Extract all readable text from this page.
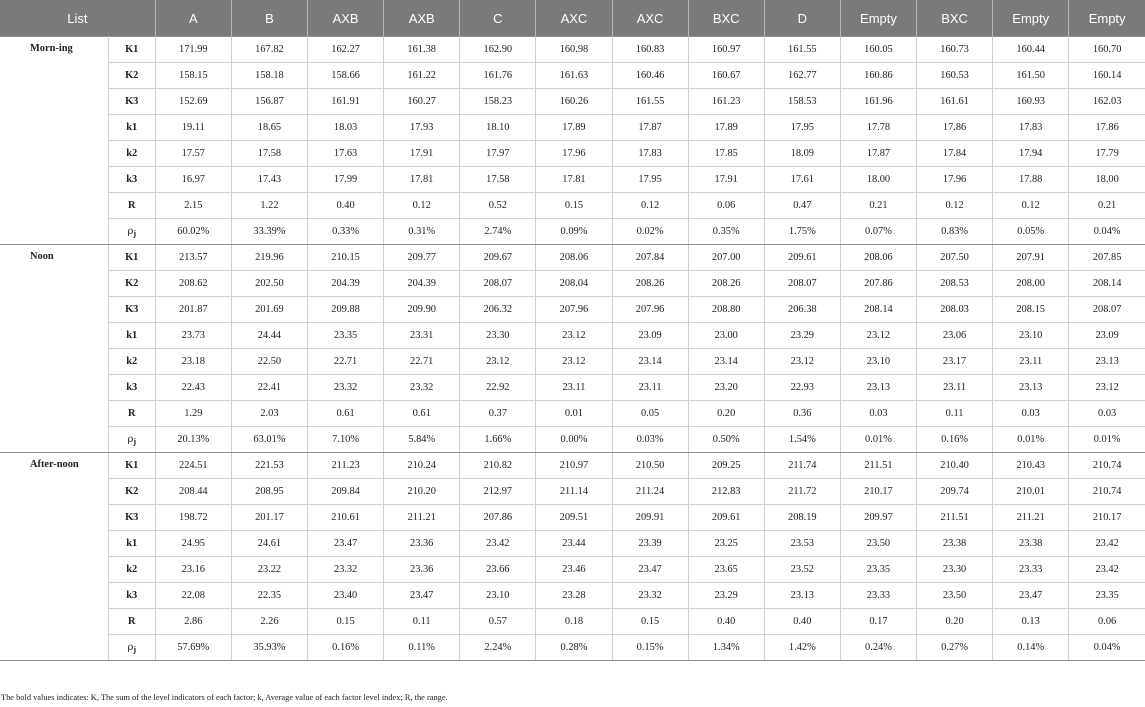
List		A	B	AXB	AXB	C	AXC	AXC	BXC	D	Empty	BXC	Empty	Empty
Morn-ing	K1	171.99	167.82	162.27	161.38	162.90	160.98	160.83	160.97	161.55	160.05	160.73	160.44	160.70
	K2	158.15	158.18	158.66	161.22	161.76	161.63	160.46	160.67	162.77	160.86	160.53	161.50	160.14
	K3	152.69	156.87	161.91	160.27	158.23	160.26	161.55	161.23	158.53	161.96	161.61	160.93	162.03
	k1	19.11	18.65	18.03	17.93	18.10	17.89	17.87	17.89	17.95	17.78	17.86	17.83	17.86
	k2	17.57	17.58	17.63	17.91	17.97	17.96	17.83	17.85	18.09	17.87	17.84	17.94	17.79
	k3	16.97	17.43	17.99	17.81	17.58	17.81	17.95	17.91	17.61	18.00	17.96	17.88	18.00
	R	2.15	1.22	0.40	0.12	0.52	0.15	0.12	0.06	0.47	0.21	0.12	0.12	0.21
	$\rho_j$	60.02%	33.39%	0.33%	0.31%	2.74%	0.09%	0.02%	0.35%	1.75%	0.07%	0.83%	0.05%	0.04%
Noon	K1	213.57	219.96	210.15	209.77	209.67	208.06	207.84	207.00	209.61	208.06	207.50	207.91	207.85
	K2	208.62	202.50	204.39	204.39	208.07	208.04	208.26	208.26	208.07	207.86	208.53	208.00	208.14
	K3	201.87	201.69	209.88	209.90	206.32	207.96	207.96	208.80	206.38	208.14	208.03	208.15	208.07
	k1	23.73	24.44	23.35	23.31	23.30	23.12	23.09	23.00	23.29	23.12	23.06	23.10	23.09
	k2	23.18	22.50	22.71	22.71	23.12	23.12	23.14	23.14	23.12	23.10	23.17	23.11	23.13
	k3	22.43	22.41	23.32	23.32	22.92	23.11	23.11	23.20	22.93	23.13	23.11	23.13	23.12
	R	1.29	2.03	0.61	0.61	0.37	0.01	0.05	0.20	0.36	0.03	0.11	0.03	0.03
	$\rho_j$	20.13%	63.01%	7.10%	5.84%	1.66%	0.00%	0.03%	0.50%	1.54%	0.01%	0.16%	0.01%	0.01%
After-noon	K1	224.51	221.53	211.23	210.24	210.82	210.97	210.50	209.25	211.74	211.51	210.40	210.43	210.74
	K2	208.44	208.95	209.84	210.20	212.97	211.14	211.24	212.83	211.72	210.17	209.74	210.01	210.74
	K3	198.72	201.17	210.61	211.21	207.86	209.51	209.91	209.61	208.19	209.97	211.51	211.21	210.17
	k1	24.95	24.61	23.47	23.36	23.42	23.44	23.39	23.25	23.53	23.50	23.38	23.38	23.42
	k2	23.16	23.22	23.32	23.36	23.66	23.46	23.47	23.65	23.52	23.35	23.30	23.33	23.42
	k3	22.08	22.35	23.40	23.47	23.10	23.28	23.32	23.29	23.13	23.33	23.50	23.47	23.35
	R	2.86	2.26	0.15	0.11	0.57	0.18	0.15	0.40	0.40	0.17	0.20	0.13	0.06
	$\rho_j$	57.69%	35.93%	0.16%	0.11%	2.24%	0.28%	0.15%	1.34%	1.42%	0.24%	0.27%	0.14%	0.04%
The bold values indicates: K, The sum of the level indicators of each factor; k, Average value of each factor level index; R, the range.
